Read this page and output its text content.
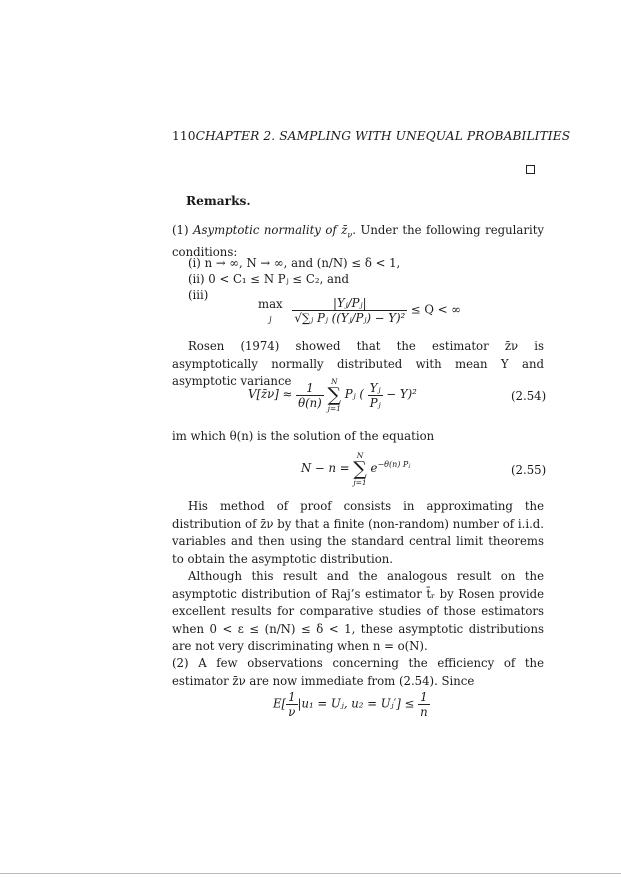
110CHAPTER 2. SAMPLING WITH UNEQUAL PROBABILITIES
Remarks.
(1) Asymptotic normality of $z̄_\nu$. Under the following regularity conditions:
(i) n → ∞, N → ∞, and (n/N) ≤ δ < 1,
(ii) 0 < C₁ ≤ N Pⱼ ≤ C₂, and
(iii)
max
j $\frac{\text{|Yⱼ/Pⱼ|}}{\text{√∑ⱼ Pⱼ ((Yⱼ/Pⱼ) − Y)²}} \le Q$ < ∞
Rosen (1974) showed that the estimator z̄ν is asymptotically normally distributed with mean Y and asymptotic variance
V[z̄ν] ≈ $\frac{1}{\theta(n)}$
N
∑
j=1
Pⱼ ( $\frac{\text{Yⱼ}}{\text{Pⱼ}} - Y)^2$	(2.54)
im which θ(n) is the solution of the equation
N − n =
N
∑
j=1
$e^{-\theta(n) Pⱼ}$	(2.55)
His method of proof consists in approximating the distribution of z̄ν by that a finite (non-random) number of i.i.d. variables and then using the standard central limit theorems to obtain the asymptotic distribution.
Although this result and the analogous result on the asymptotic distribution of Raj’s estimator t̄ᵣ by Rosen provide excellent results for comparative studies of those estimators when 0 < ε ≤ (n/N) ≤ δ < 1, these asymptotic distributions are not very discriminating when n = o(N).
(2) A few observations concerning the efficiency of the estimator z̄ν are now immediate from (2.54). Since
$E[ \frac{1}{\nu} |u_1$ = Uⱼ, u₂ = Uⱼ′] ≤ $\frac{1}{n}$
